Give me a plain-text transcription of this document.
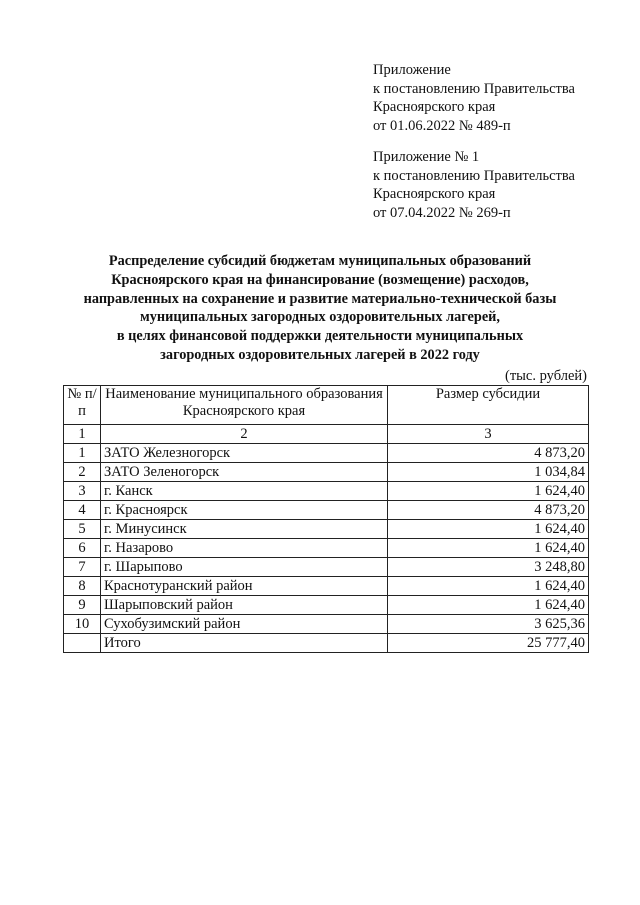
Приложение
к постановлению Правительства
Красноярского края
от 01.06.2022 № 489-п
Приложение № 1
к постановлению Правительства
Красноярского края
от 07.04.2022 № 269-п
Распределение субсидий бюджетам муниципальных образований
Красноярского края на финансирование (возмещение) расходов,
направленных на сохранение и развитие материально-технической базы
муниципальных загородных оздоровительных лагерей,
в целях финансовой поддержки деятельности муниципальных
загородных оздоровительных лагерей в 2022 году
(тыс. рублей)
№ п/п	Наименование муниципального образования Красноярского края	Размер субсидии
1	2	3
1	ЗАТО Железногорск	4 873,20
2	ЗАТО Зеленогорск	1 034,84
3	г. Канск	1 624,40
4	г. Красноярск	4 873,20
5	г. Минусинск	1 624,40
6	г. Назарово	1 624,40
7	г. Шарыпово	3 248,80
8	Краснотуранский район	1 624,40
9	Шарыповский район	1 624,40
10	Сухобузимский район	3 625,36
	Итого	25 777,40
